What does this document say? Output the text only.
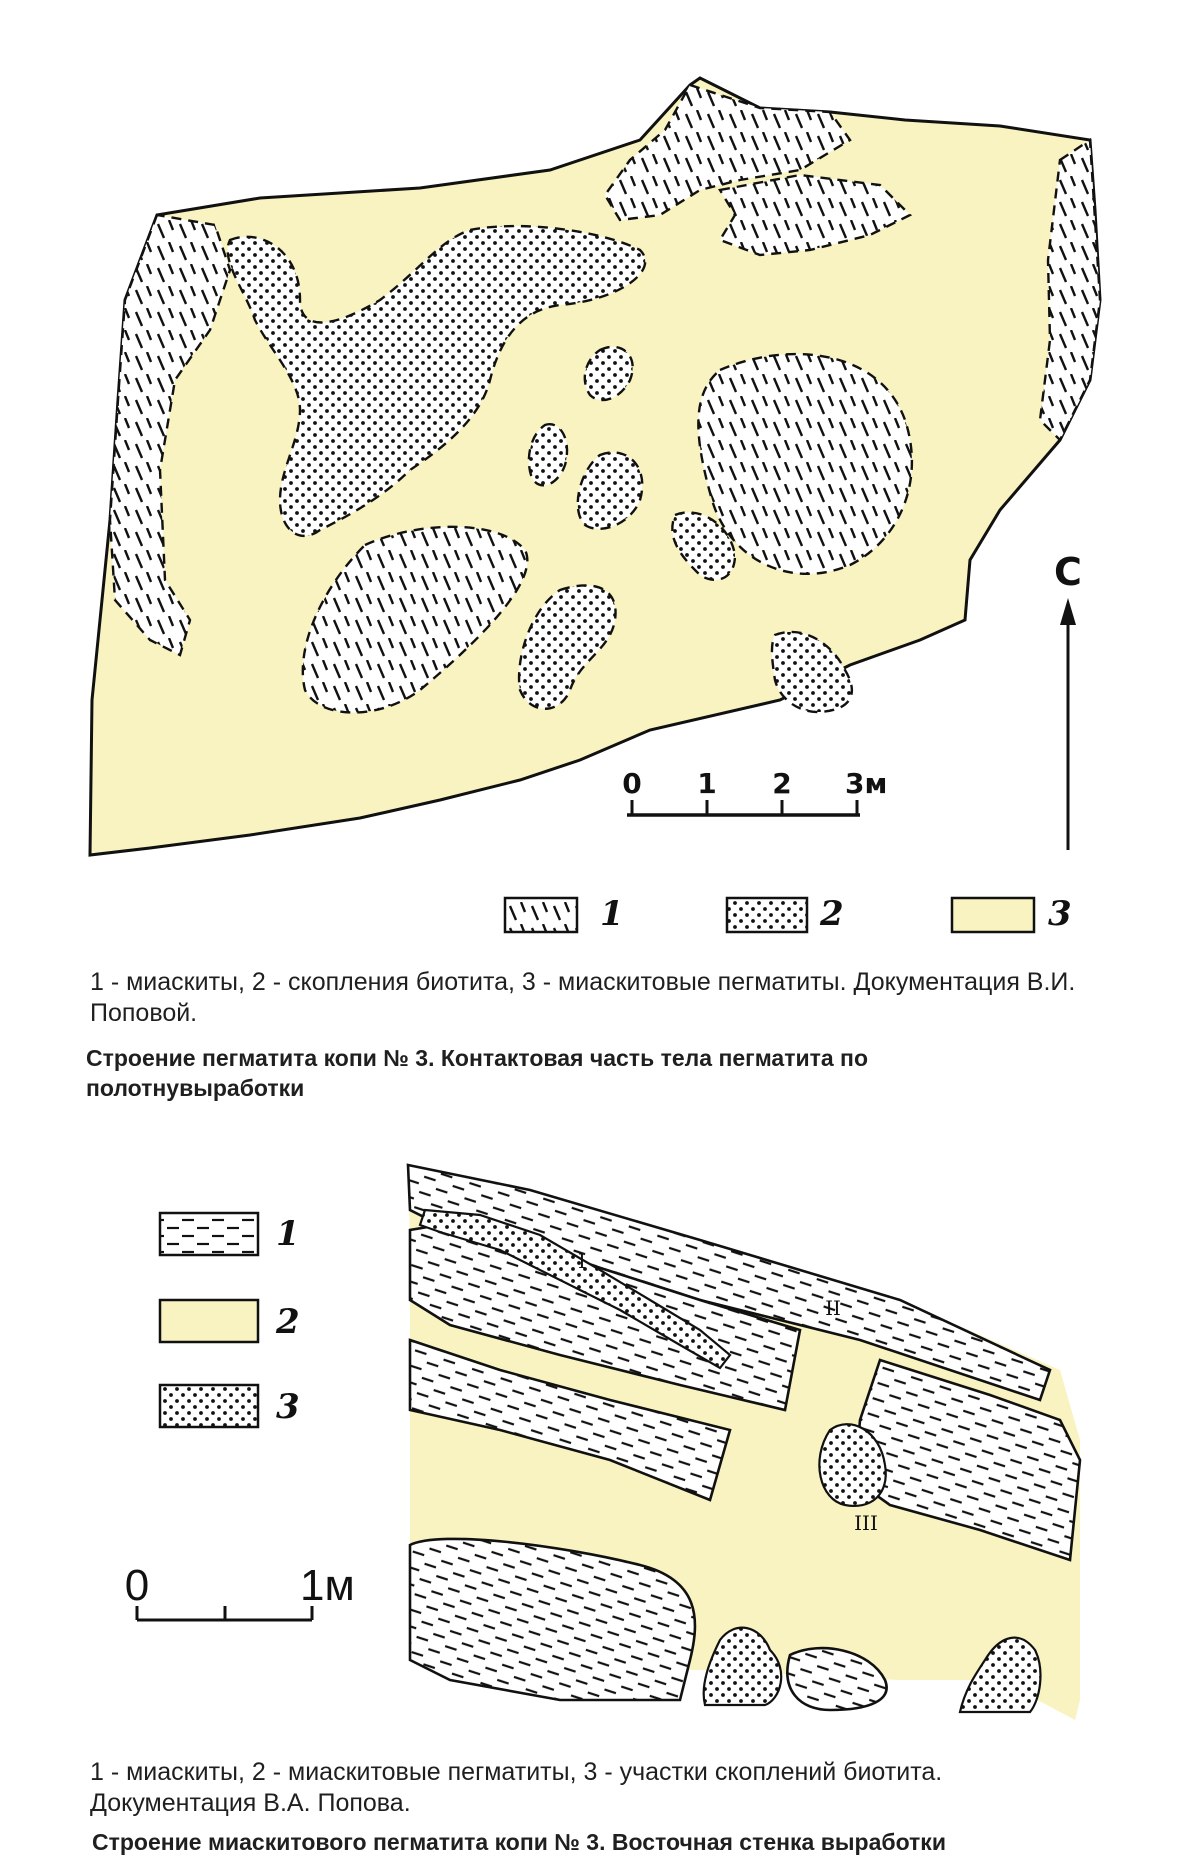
0 1 2 3м
С
1	2	3
I
II
III
1
2
3
0	1м

1 - миаскиты, 2 - скопления биотита, 3 - миаскитовые пегматиты. Документация В.И. Поповой.

Строение пегматита копи № 3. Контактовая часть тела пегматита по полотнувыработки

1 - миаскиты, 2 - миаскитовые пегматиты, 3 - участки скоплений биотита. Документация В.А. Попова.

Строение миаскитового пегматита копи № 3. Восточная стенка выработки
